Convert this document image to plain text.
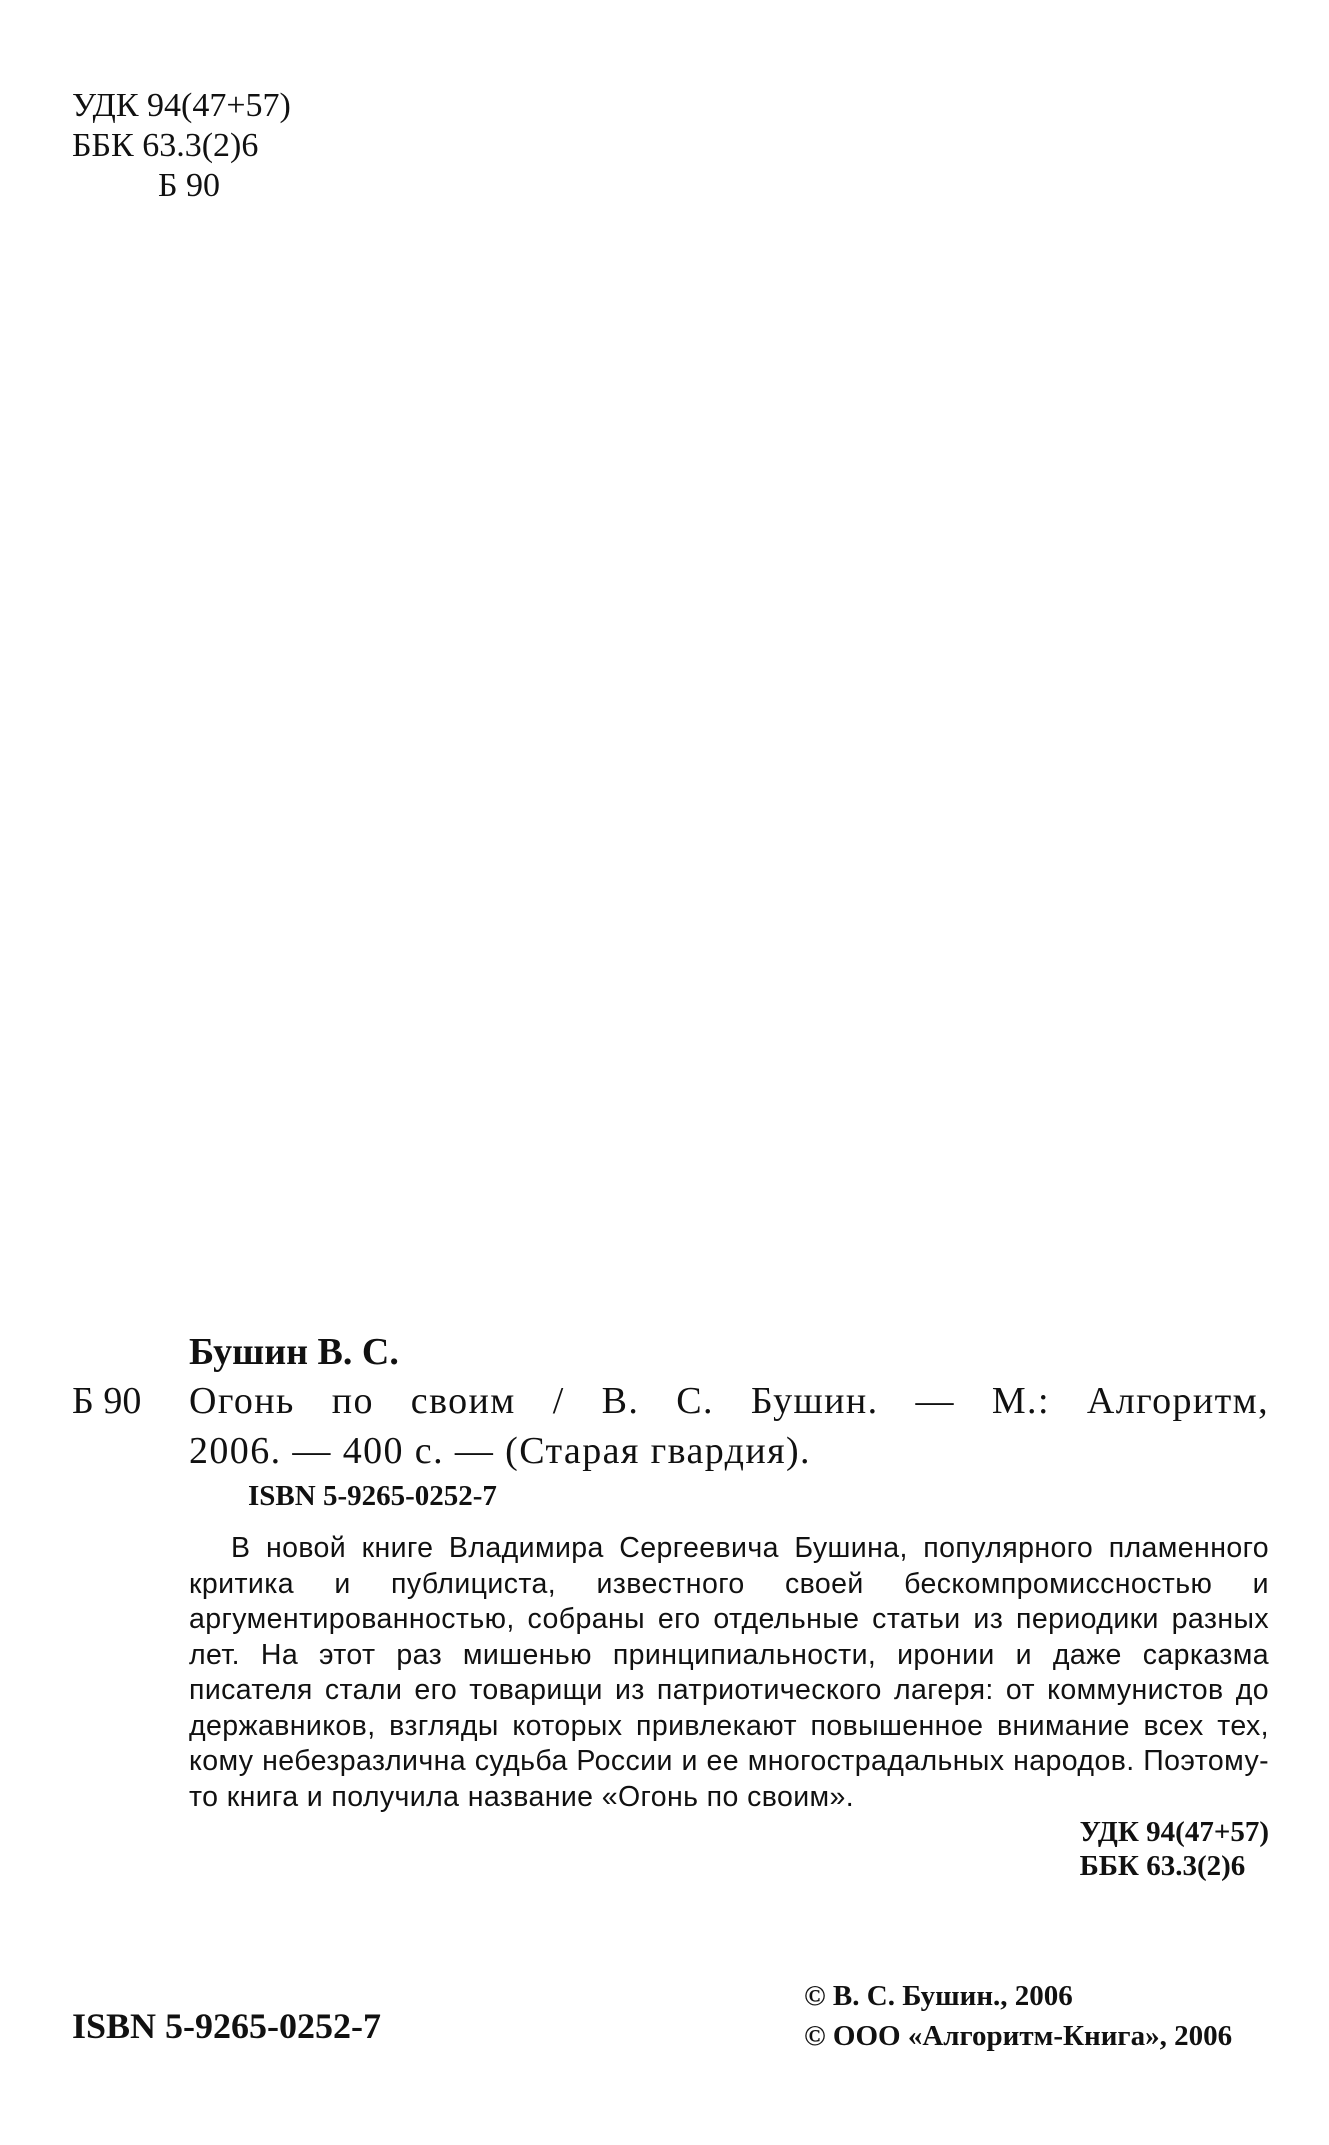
УДК 94(47+57)
ББК 63.3(2)6
Б 90
Бушин В. С.
Б 90 Огонь по своим / В. С. Бушин. — М.: Алгоритм,
2006. — 400 с. — (Старая гвардия).
ISBN 5-9265-0252-7

В новой книге Владимира Сергеевича Бушина, популярного пламенного критика и публициста, известного своей бескомпромиссностью и аргументированностью, собраны его отдельные статьи из периодики разных лет. На этот раз мишенью принципиальности, иронии и даже сарказма писателя стали его товарищи из патриотического лагеря: от коммунистов до державников, взгляды которых привлекают повышенное внимание всех тех, кому небезразлична судьба России и ее многострадальных народов. Поэтому-то книга и получила название «Огонь по своим».

УДК 94(47+57)
ББК 63.3(2)6
ISBN 5-9265-0252-7
© В. С. Бушин., 2006
© ООО «Алгоритм-Книга», 2006
